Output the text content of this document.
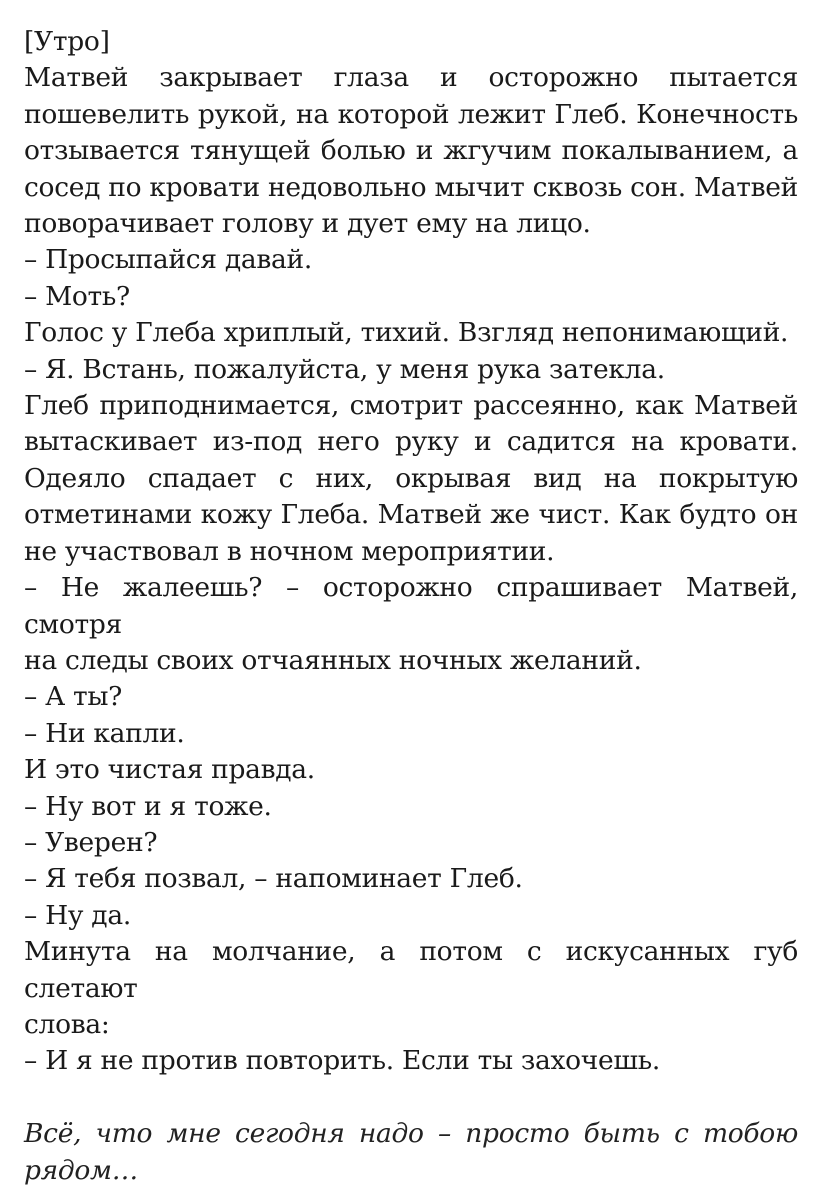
[Утро]
Матвей закрывает глаза и осторожно пытается
пошевелить рукой, на которой лежит Глеб. Конечность
отзывается тянущей болью и жгучим покалыванием, а
сосед по кровати недовольно мычит сквозь сон. Матвей
поворачивает голову и дует ему на лицо.
– Просыпайся давай.
– Моть?
Голос у Глеба хриплый, тихий. Взгляд непонимающий.
– Я. Встань, пожалуйста, у меня рука затекла.
Глеб приподнимается, смотрит рассеянно, как Матвей
вытаскивает из-под него руку и садится на кровати.
Одеяло спадает с них, окрывая вид на покрытую
отметинами кожу Глеба. Матвей же чист. Как будто он
не участвовал в ночном мероприятии.
– Не жалеешь? – осторожно спрашивает Матвей, смотря
на следы своих отчаянных ночных желаний.
– А ты?
– Ни капли.
И это чистая правда.
– Ну вот и я тоже.
– Уверен?
– Я тебя позвал, – напоминает Глеб.
– Ну да.
Минута на молчание, а потом с искусанных губ слетают
слова:
– И я не против повторить. Если ты захочешь.
Всё, что мне сегодня надо – просто быть с тобою
рядом…
